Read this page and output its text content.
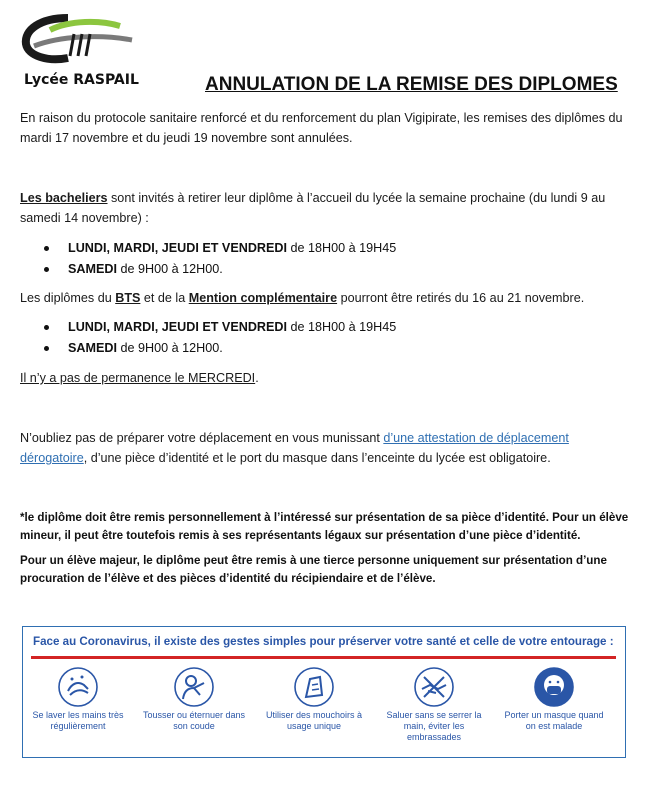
Lycée RASPAIL	ANNULATION DE LA REMISE DES DIPLOMES
En raison du protocole sanitaire renforcé et du renforcement du plan Vigipirate, les remises des diplômes du mardi 17 novembre et du jeudi 19 novembre sont annulées.
Les bacheliers sont invités à retirer leur diplôme à l’accueil du lycée la semaine prochaine (du lundi 9 au samedi 14 novembre) :
LUNDI, MARDI, JEUDI ET VENDREDI de 18H00 à 19H45
SAMEDI de 9H00 à 12H00.
Les diplômes du BTS et de la Mention complémentaire pourront être retirés du 16 au 21 novembre.
LUNDI, MARDI, JEUDI ET VENDREDI de 18H00 à 19H45
SAMEDI de 9H00 à 12H00.
Il n’y a pas de permanence le MERCREDI.
N’oubliez pas de préparer votre déplacement en vous munissant d’une attestation de déplacement dérogatoire, d’une pièce d’identité et le port du masque dans l’enceinte du lycée est obligatoire.
*le diplôme doit être remis personnellement à l’intéressé sur présentation de sa pièce d’identité. Pour un élève mineur, il peut être toutefois remis à ses représentants légaux sur présentation d’une pièce d’identité.
Pour un élève majeur, le diplôme peut être remis à une tierce personne uniquement sur présentation d’une procuration de l’élève et des pièces d’identité du récipiendaire et de l’élève.
Face au Coronavirus, il existe des gestes simples pour préserver votre santé et celle de votre entourage :
Se laver les mains très régulièrement
Tousser ou éternuer dans son coude
Utiliser des mouchoirs à usage unique
Saluer sans se serrer la main, éviter les embrassades
Porter un masque quand on est malade
